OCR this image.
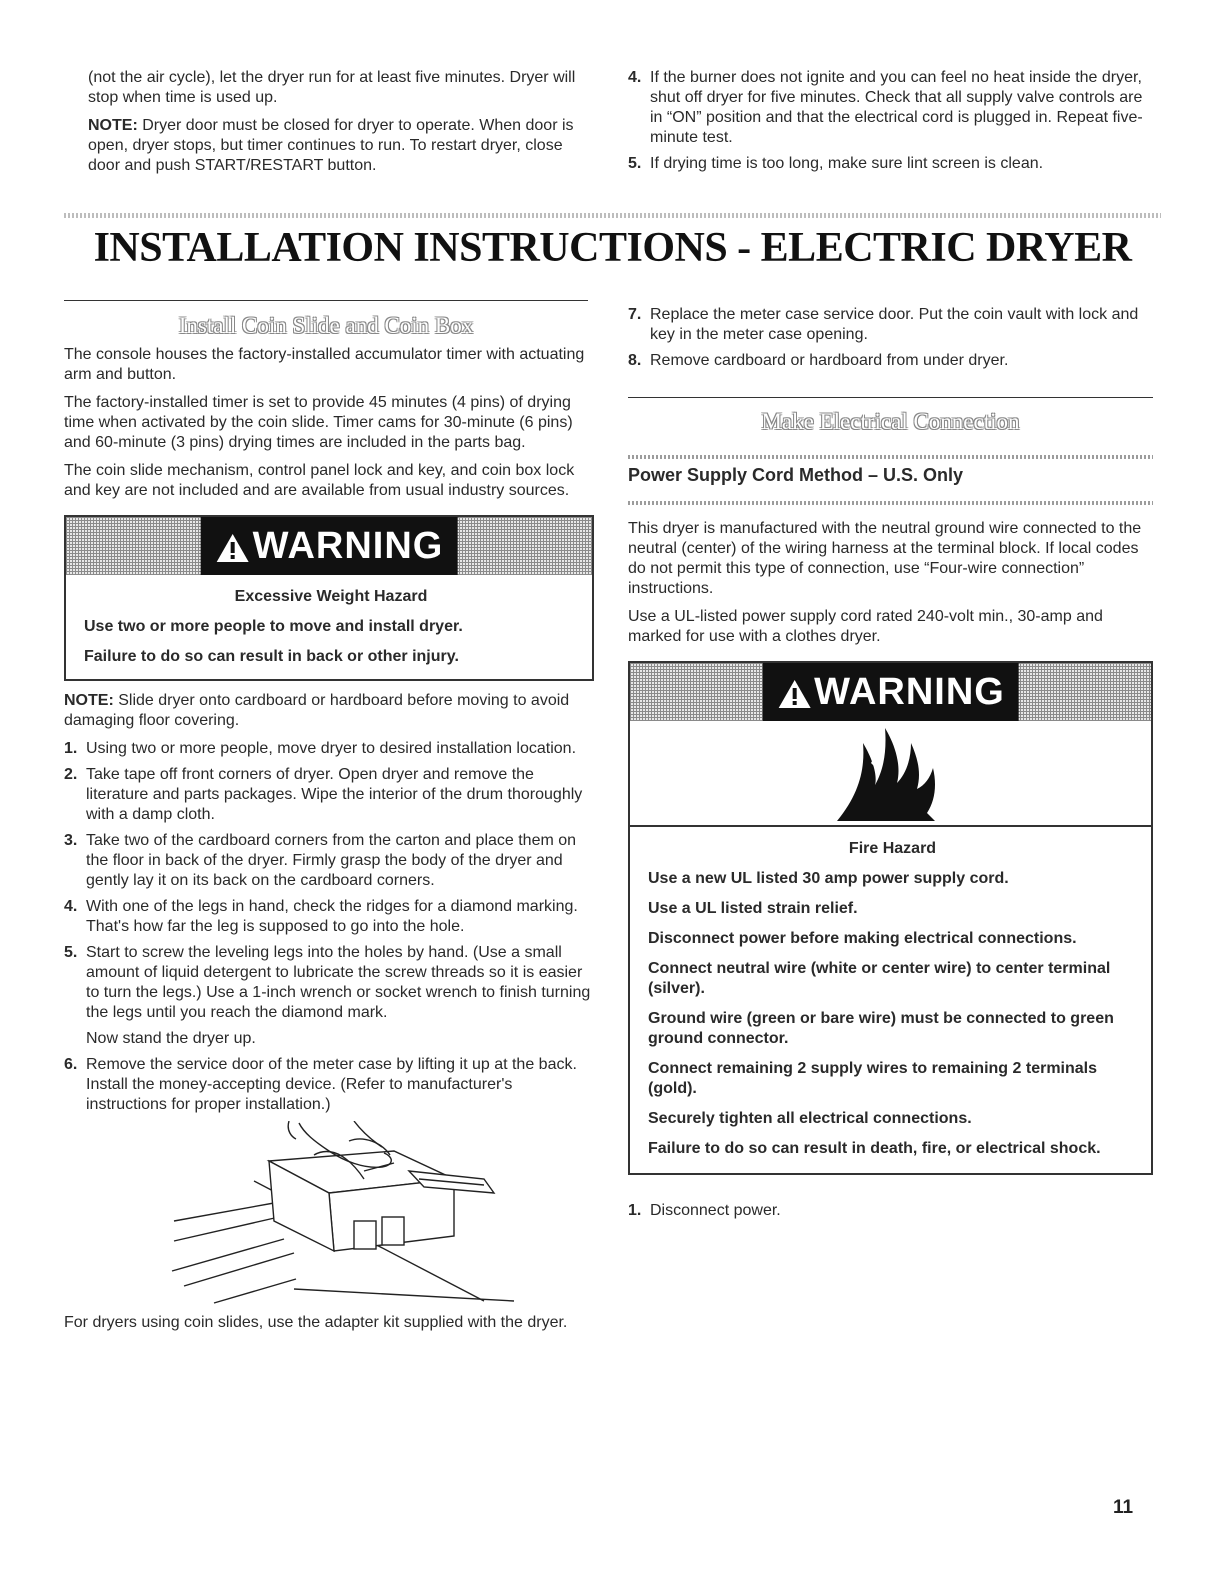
(not the air cycle), let the dryer run for at least five minutes. Dryer will stop when time is used up.

NOTE: Dryer door must be closed for dryer to operate. When door is open, dryer stops, but timer continues to run. To restart dryer, close door and push START/RESTART button.

4. If the burner does not ignite and you can feel no heat inside the dryer, shut off dryer for five minutes. Check that all supply valve controls are in “ON” position and that the electrical cord is plugged in. Repeat five-minute test.
5. If drying time is too long, make sure lint screen is clean.
INSTALLATION INSTRUCTIONS - ELECTRIC DRYER
Install Coin Slide and Coin Box

The console houses the factory-installed accumulator timer with actuating arm and button.

The factory-installed timer is set to provide 45 minutes (4 pins) of drying time when activated by the coin slide. Timer cams for 30-minute (6 pins) and 60-minute (3 pins) drying times are included in the parts bag.

The coin slide mechanism, control panel lock and key, and coin box lock and key are not included and are available from usual industry sources.

WARNING

Excessive Weight Hazard

Use two or more people to move and install dryer.

Failure to do so can result in back or other injury.

NOTE: Slide dryer onto cardboard or hardboard before moving to avoid damaging floor covering.

1. Using two or more people, move dryer to desired installation location.
2. Take tape off front corners of dryer. Open dryer and remove the literature and parts packages. Wipe the interior of the drum thoroughly with a damp cloth.
3. Take two of the cardboard corners from the carton and place them on the floor in back of the dryer. Firmly grasp the body of the dryer and gently lay it on its back on the cardboard corners.
4. With one of the legs in hand, check the ridges for a diamond marking. That's how far the leg is supposed to go into the hole.
5. Start to screw the leveling legs into the holes by hand. (Use a small amount of liquid detergent to lubricate the screw threads so it is easier to turn the legs.) Use a 1-inch wrench or socket wrench to finish turning the legs until you reach the diamond mark.
Now stand the dryer up.
6. Remove the service door of the meter case by lifting it up at the back. Install the money-accepting device. (Refer to manufacturer's instructions for proper installation.)

For dryers using coin slides, use the adapter kit supplied with the dryer.

7. Replace the meter case service door. Put the coin vault with lock and key in the meter case opening.
8. Remove cardboard or hardboard from under dryer.
Make Electrical Connection

Power Supply Cord Method – U.S. Only

This dryer is manufactured with the neutral ground wire connected to the neutral (center) of the wiring harness at the terminal block. If local codes do not permit this type of connection, use “Four-wire connection” instructions.

Use a UL-listed power supply cord rated 240-volt min., 30-amp and marked for use with a clothes dryer.

WARNING

Fire Hazard

Use a new UL listed 30 amp power supply cord.

Use a UL listed strain relief.

Disconnect power before making electrical connections.

Connect neutral wire (white or center wire) to center terminal (silver).

Ground wire (green or bare wire) must be connected to green ground connector.

Connect remaining 2 supply wires to remaining 2 terminals (gold).

Securely tighten all electrical connections.

Failure to do so can result in death, fire, or electrical shock.

1. Disconnect power.
11
